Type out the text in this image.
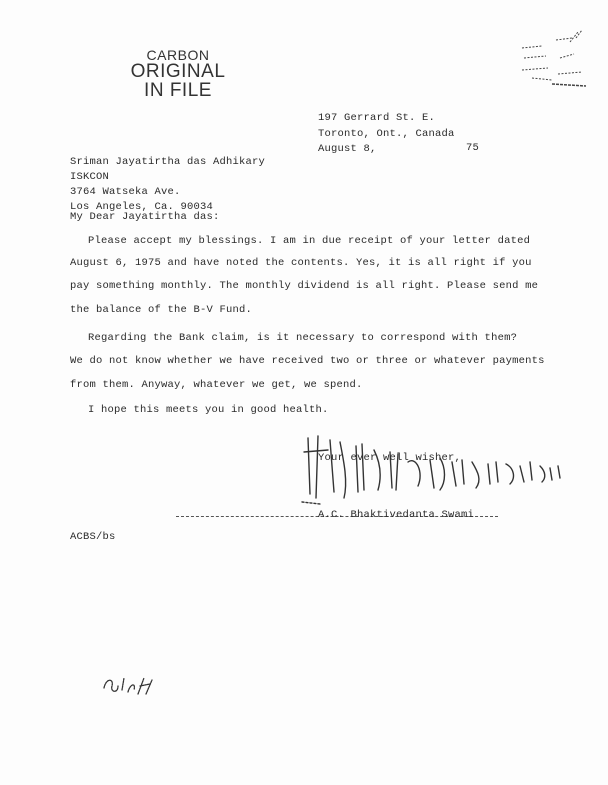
CARBON
ORIGINAL
IN FILE
197 Gerrard St. E.
Toronto, Ont., Canada
August 8,	75
Sriman Jayatirtha das Adhikary
ISKCON
3764 Watseka Ave.
Los Angeles, Ca. 90034
My Dear Jayatirtha das:
Please accept my blessings. I am in due receipt of your letter dated
August 6, 1975 and have noted the contents. Yes, it is all right if you
pay something monthly. The monthly dividend is all right. Please send me
the balance of the B-V Fund.
Regarding the Bank claim, is it necessary to correspond with them?
We do not know whether we have received two or three or whatever payments
from them. Anyway, whatever we get, we spend.
I hope this meets you in good health.
Your ever well wisher,
A.C. Bhaktivedanta Swami
ACBS/bs
